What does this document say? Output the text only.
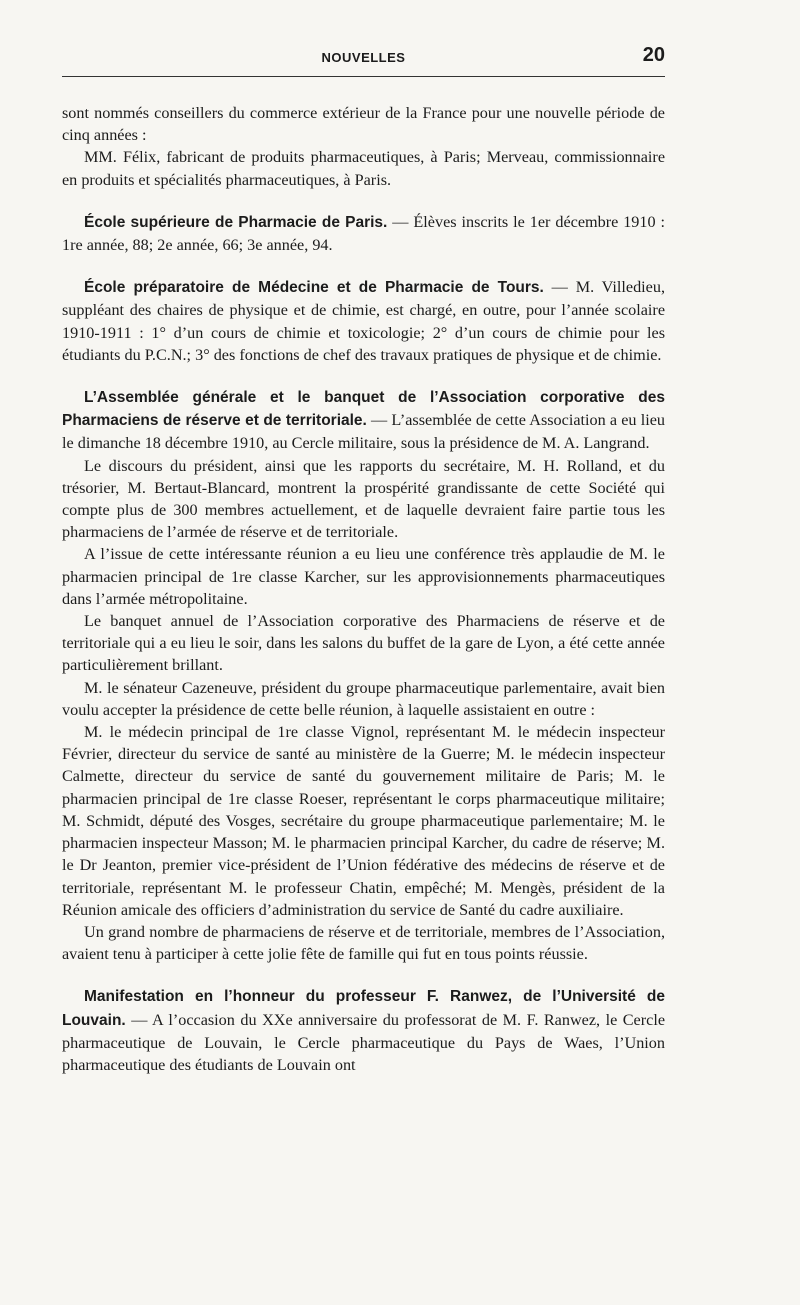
NOUVELLES	20

sont nommés conseillers du commerce extérieur de la France pour une nouvelle période de cinq années :

MM. Félix, fabricant de produits pharmaceutiques, à Paris; Merveau, commissionnaire en produits et spécialités pharmaceutiques, à Paris.

École supérieure de Pharmacie de Paris. — Élèves inscrits le 1er décembre 1910 : 1re année, 88; 2e année, 66; 3e année, 94.

École préparatoire de Médecine et de Pharmacie de Tours. — M. Villedieu, suppléant des chaires de physique et de chimie, est chargé, en outre, pour l’année scolaire 1910-1911 : 1° d’un cours de chimie et toxicologie; 2° d’un cours de chimie pour les étudiants du P.C.N.; 3° des fonctions de chef des travaux pratiques de physique et de chimie.

L’Assemblée générale et le banquet de l’Association corporative des Pharmaciens de réserve et de territoriale. — L’assemblée de cette Association a eu lieu le dimanche 18 décembre 1910, au Cercle militaire, sous la présidence de M. A. Langrand.

Le discours du président, ainsi que les rapports du secrétaire, M. H. Rolland, et du trésorier, M. Bertaut-Blancard, montrent la prospérité grandissante de cette Société qui compte plus de 300 membres actuellement, et de laquelle devraient faire partie tous les pharmaciens de l’armée de réserve et de territoriale.

A l’issue de cette intéressante réunion a eu lieu une conférence très applaudie de M. le pharmacien principal de 1re classe Karcher, sur les approvisionnements pharmaceutiques dans l’armée métropolitaine.

Le banquet annuel de l’Association corporative des Pharmaciens de réserve et de territoriale qui a eu lieu le soir, dans les salons du buffet de la gare de Lyon, a été cette année particulièrement brillant.

M. le sénateur Cazeneuve, président du groupe pharmaceutique parlementaire, avait bien voulu accepter la présidence de cette belle réunion, à laquelle assistaient en outre :

M. le médecin principal de 1re classe Vignol, représentant M. le médecin inspecteur Février, directeur du service de santé au ministère de la Guerre; M. le médecin inspecteur Calmette, directeur du service de santé du gouvernement militaire de Paris; M. le pharmacien principal de 1re classe Roeser, représentant le corps pharmaceutique militaire; M. Schmidt, député des Vosges, secrétaire du groupe pharmaceutique parlementaire; M. le pharmacien inspecteur Masson; M. le pharmacien principal Karcher, du cadre de réserve; M. le Dr Jeanton, premier vice-président de l’Union fédérative des médecins de réserve et de territoriale, représentant M. le professeur Chatin, empêché; M. Mengès, président de la Réunion amicale des officiers d’administration du service de Santé du cadre auxiliaire.

Un grand nombre de pharmaciens de réserve et de territoriale, membres de l’Association, avaient tenu à participer à cette jolie fête de famille qui fut en tous points réussie.

Manifestation en l’honneur du professeur F. Ranwez, de l’Université de Louvain. — A l’occasion du XXe anniversaire du professorat de M. F. Ranwez, le Cercle pharmaceutique de Louvain, le Cercle pharmaceutique du Pays de Waes, l’Union pharmaceutique des étudiants de Louvain ont
